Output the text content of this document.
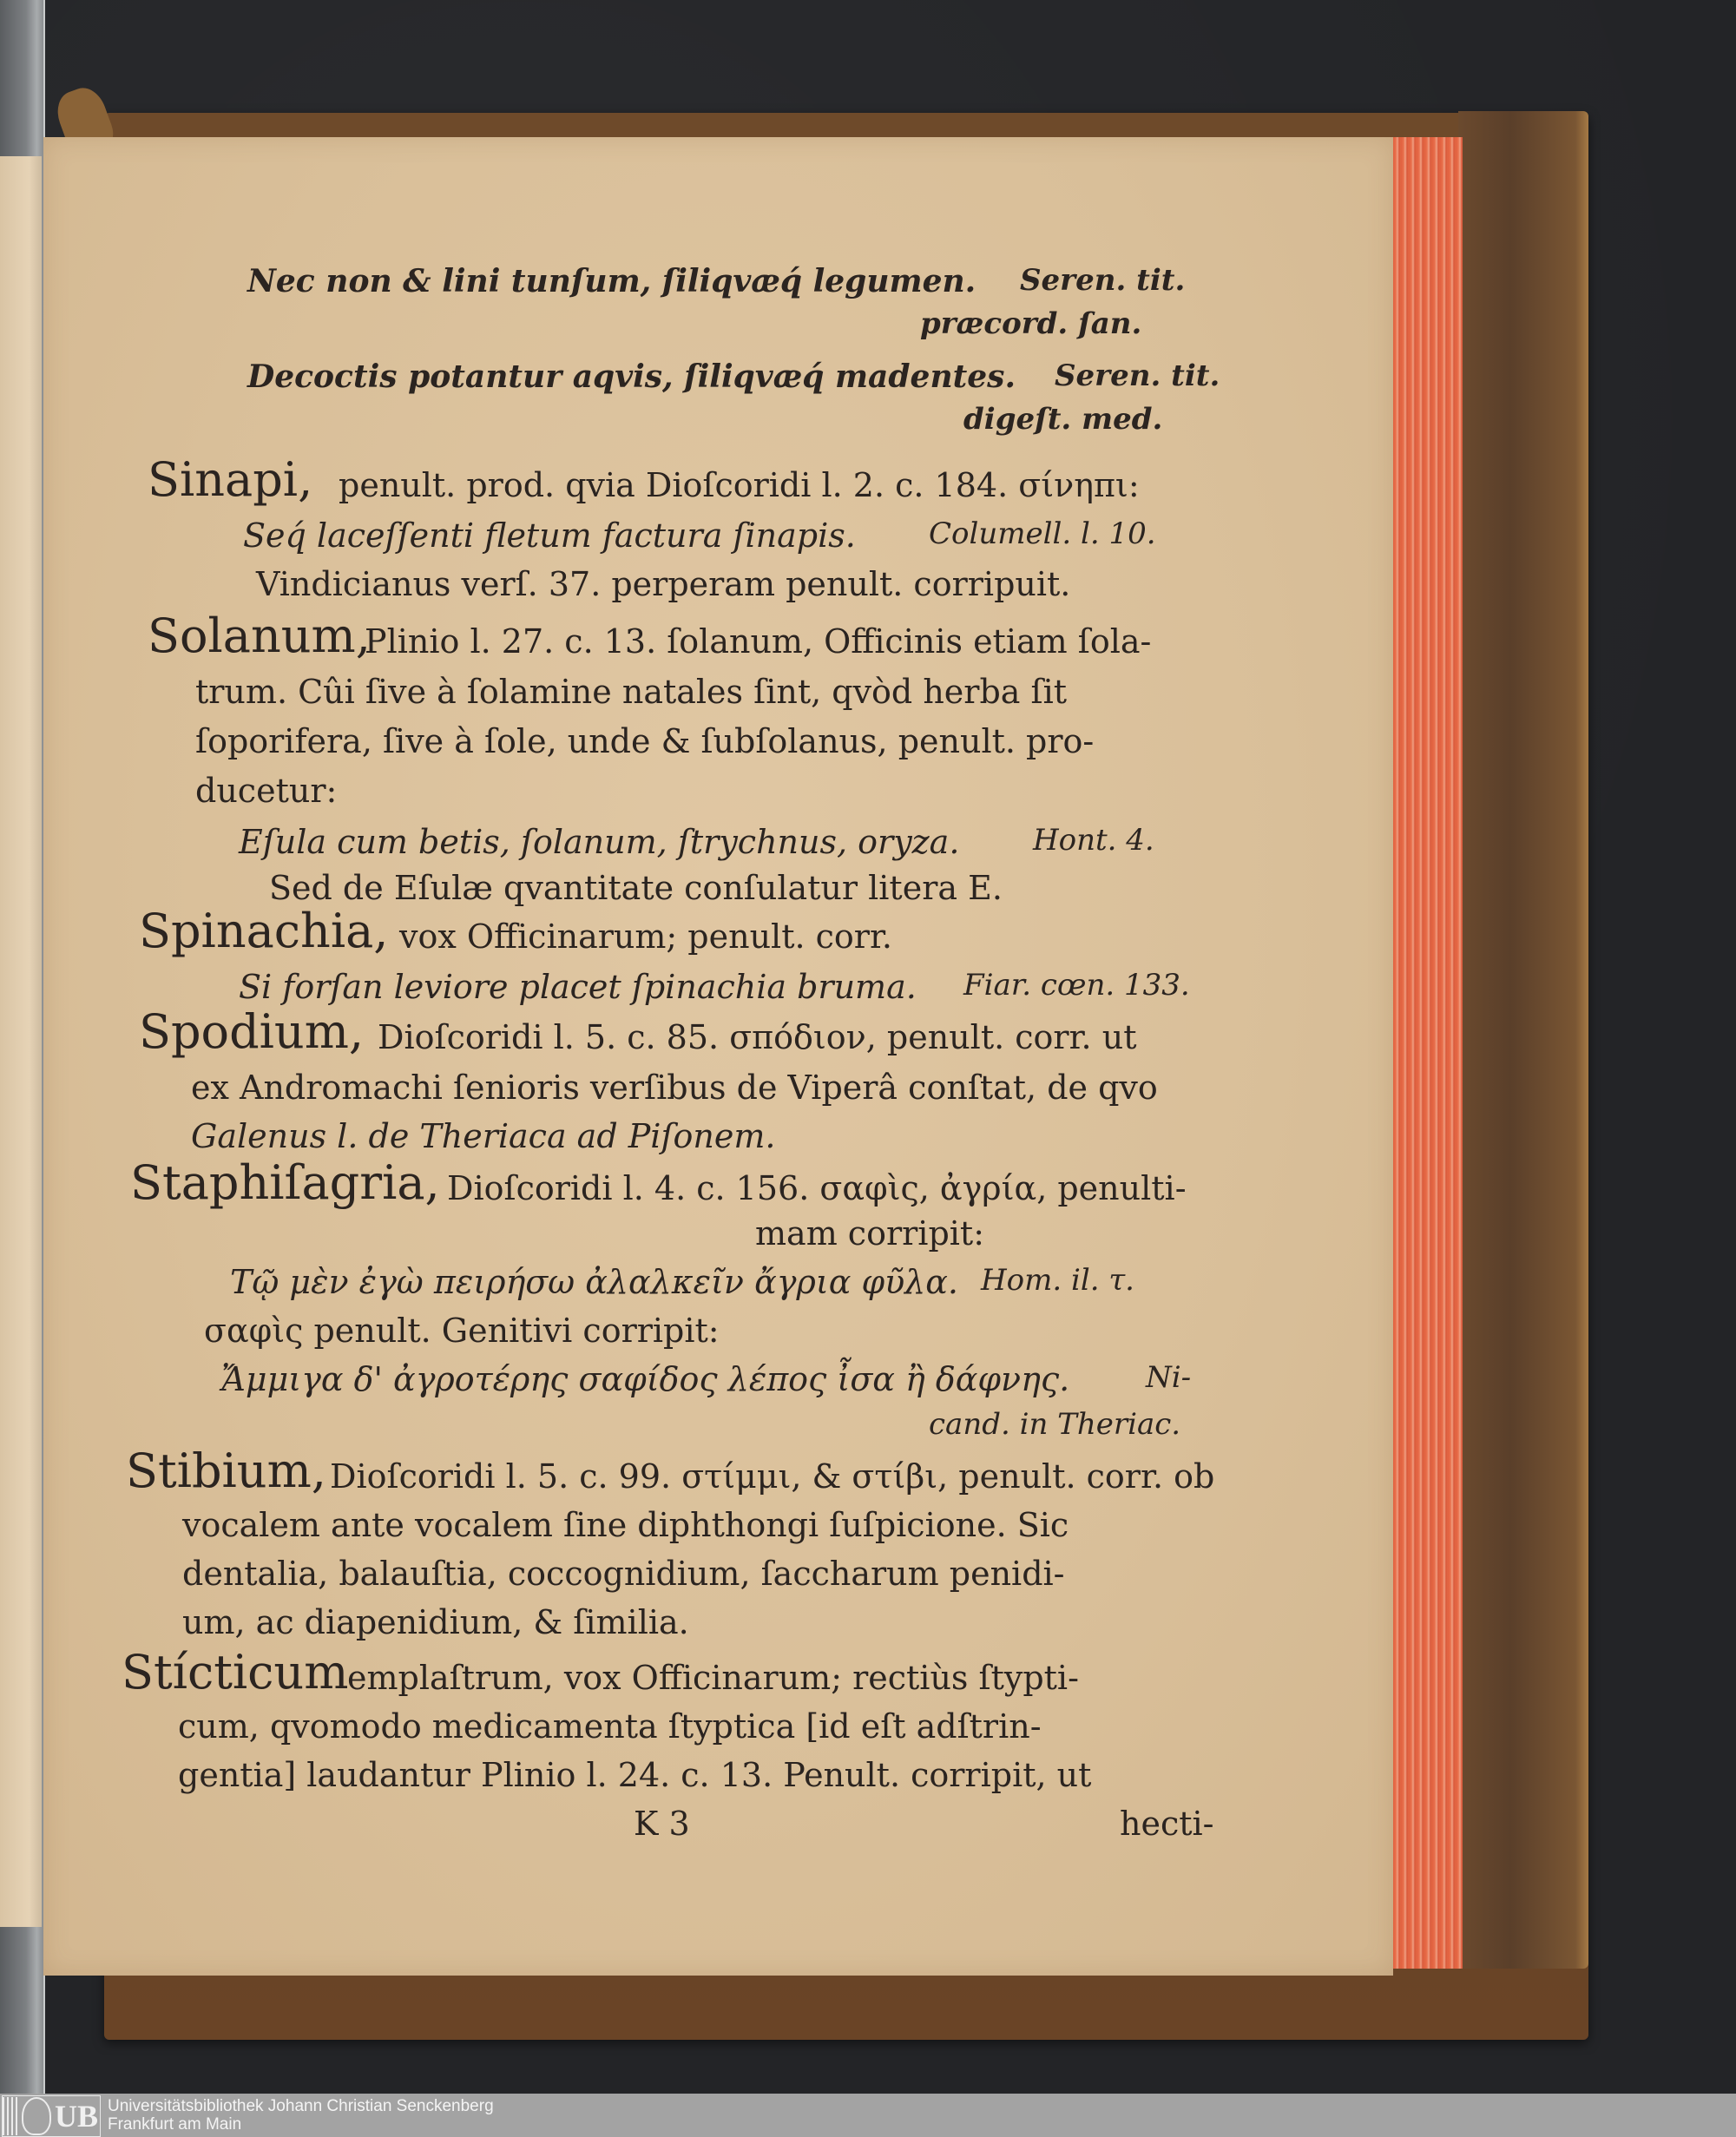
Nec non & lini tunſum, ſiliqvæq́ legumen. Seren. tit.
præcord. ſan.
Decoctis potantur aqvis, ſiliqvæq́ madentes. Seren. tit.
digeſt. med.
Sinapi, penult. prod. qvia Dioſcoridi l. 2. c. 184. σίνηπι:
Seq́ laceſſenti fletum factura ſinapis. Columell. l. 10.
Vindicianus verſ. 37. perperam penult. corripuit.
Solanum,
Plinio l. 27. c. 13. ſolanum, Officinis etiam ſola-
trum. Cûi ſive à ſolamine natales ſint, qvòd herba ſit
ſoporifera, ſive à ſole, unde & ſubſolanus, penult. pro-
ducetur:
Eſula cum betis, ſolanum, ſtrychnus, oryza. Hont. 4.
Sed de Eſulæ qvantitate conſulatur litera E.
Spinachia, vox Officinarum; penult. corr.
Si forſan leviore placet ſpinachia bruma. Fiar. cœn. 133.
Spodium, Dioſcoridi l. 5. c. 85. σπόδιον, penult. corr. ut
ex Andromachi ſenioris verſibus de Viperâ conſtat, de qvo
Galenus l. de Theriaca ad Piſonem.
Staphiſagria, Dioſcoridi l. 4. c. 156. σαφὶς, ἀγρία, penulti-
mam corripit:
Τῷ μὲν ἐγὼ πειρήσω ἀλαλκεῖν ἄγρια φῦλα. Hom. il. τ.
σαφὶς penult. Genitivi corripit:
Ἄμμιγα δ' ἀγροτέρης σαφίδος λέπος ἶσα ἢ δάφνης.	Ni-
cand. in Theriac.
Stibium, Dioſcoridi l. 5. c. 99. στίμμι, & στίβι, penult. corr. ob
vocalem ante vocalem ſine diphthongi ſuſpicione. Sic
dentalia, balauſtia, coccognidium, ſaccharum penidi-
um, ac diapenidium, & ſimilia.
Stícticum
emplaſtrum, vox Officinarum; rectiùs ſtypti-
cum, qvomodo medicamenta ſtyptica [id eſt adſtrin-
gentia] laudantur Plinio l. 24. c. 13. Penult. corripit, ut
K 3	hecti-
UB Universitätsbibliothek Johann Christian Senckenberg
Frankfurt am Main
